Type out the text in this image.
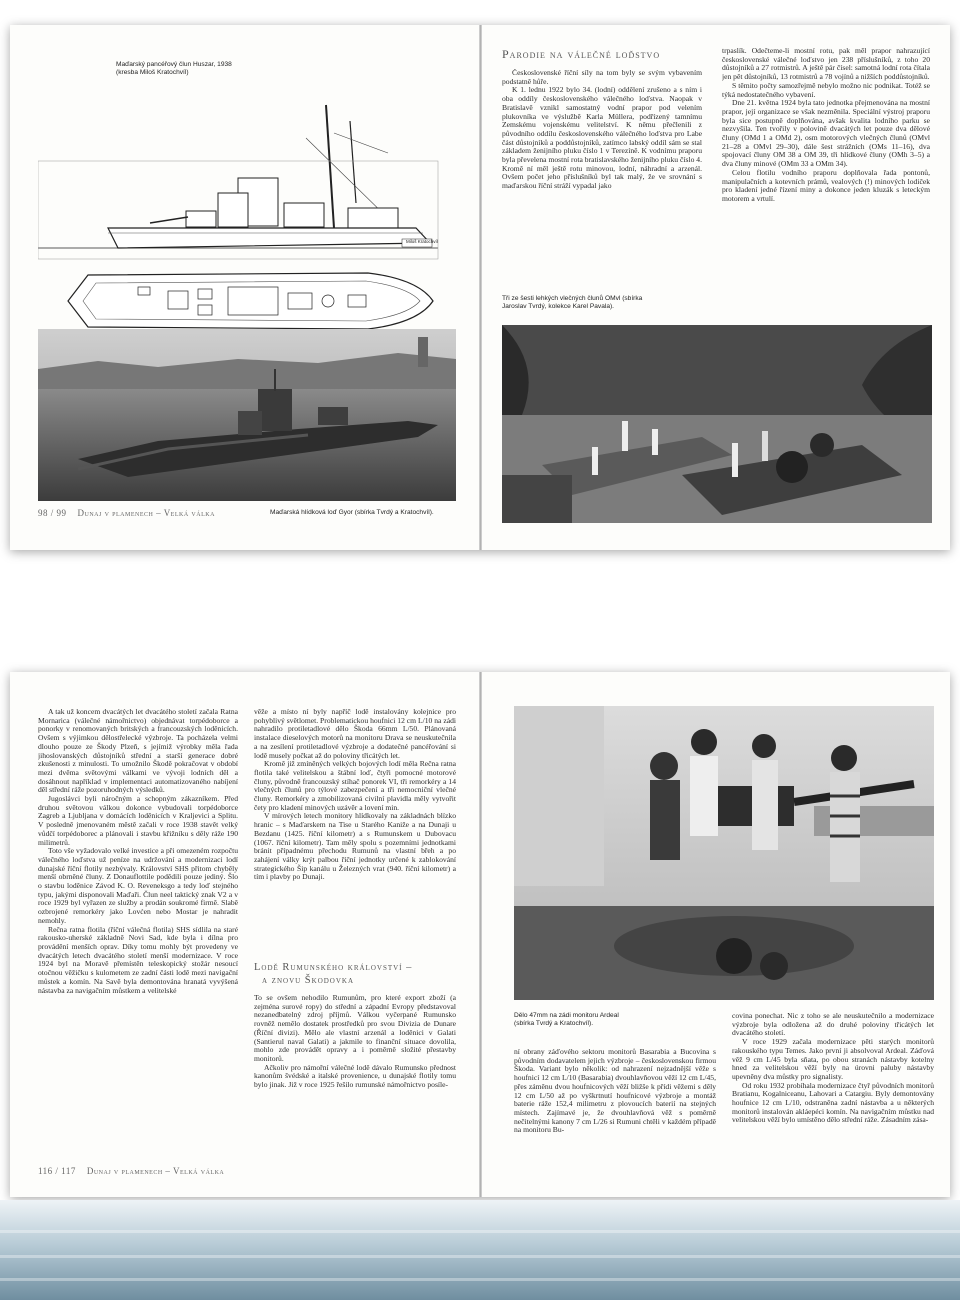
Maďarský pancéřový člun Huszar, 1938
(kresba Miloš Kratochvíl)
Miloš Kratochvíl
98 / 99 Dunaj v plamenech – Velká válka	Maďarská hlídková loď Gyor (sbírka Tvrdý a Kratochvíl).
Parodie na válečné loďstvo

Československé říční síly na tom byly se svým vybavením podstatně hůře.

K 1. lednu 1922 bylo 34. (lodní) oddělení zrušeno a s ním i oba oddíly československého válečného loďstva. Naopak v Bratislavě vznikl samostatný vodní prapor pod velením plukovníka ve výslužbě Karla Müllera, podřízený tamnímu Zemskému vojenskému velitelství. K němu přečlenili z původního oddílu československého válečného loďstva pro Labe část důstojníků a poddůstojníků, zatímco labský oddíl sám se stal základem ženijního pluku číslo 1 v Terezíně. K vodnímu praporu byla převelena mostní rota bratislavského ženijního pluku číslo 4. Kromě ní měl ještě rotu minovou, lodní, náhradní a arzenál. Ovšem počet jeho příslušníků byl tak malý, že ve srovnání s maďarskou říční stráží vypadal jako

trpaslík. Odečteme-li mostní rotu, pak měl prapor nahrazující československé válečné loďstvo jen 238 příslušníků, z toho 20 důstojníků a 27 rotmistrů. A ještě pár čísel: samotná lodní rota čítala jen pět důstojníků, 13 rotmistrů a 78 vojínů a nižších poddůstojníků.

S těmito počty samozřejmě nebylo možno nic podnikat. Totéž se týká nedostatečného vybavení.

Dne 21. května 1924 byla tato jednotka přejmenována na mostní prapor, její organizace se však nezměnila. Speciální výstroj praporu byla sice postupně doplňována, avšak kvalita lodního parku se nezvyšila. Ten tvořily v polovině dvacátých let pouze dva dělové čluny (OMd 1 a OMd 2), osm motorových vlečných člunů (OMvl 21–28 a OMvl 29–30), dále šest strážních (OMs 11–16), dva spojovací čluny OM 38 a OM 39, tři hlídkové čluny (OMh 3–5) a dva čluny minové (OMm 33 a OMm 34).

Celou flotilu vodního praporu doplňovala řada pontonů, manipulačních a kotevních prámů, vealových (!) minových lodiček pro kladení jedné řízení miny a dokonce jeden kluzák s leteckým motorem a vrtulí.

Tři ze šesti lehkých vlečných člunů OMvl (sbírka Jaroslav Tvrdý, kolekce Karel Pavala).

A tak už koncem dvacátých let dvacátého století začala Ratna Mornarica (válečné námořnictvo) objednávat torpédoborce a ponorky v renomovaných britských a francouzských loděnicích. Ovšem s výjimkou dělostřelecké výzbroje. Ta pocházela velmi dlouho pouze ze Škody Plzeň, s jejímiž výrobky měla řada jihoslovanských důstojníků střední a starší generace dobré zkušenosti z minulosti. To umožnilo Škodě pokračovat v období mezi dvěma světovými válkami ve vývoji lodních děl a dosáhnout například v implementaci automatizovaného nabíjení děl střední ráže pozoruhodných výsledků.

Jugoslávci byli náročným a schopným zákazníkem. Před druhou světovou válkou dokonce vybudovali torpédoborce Zagreb a Ljubljana v domácích loděnicích v Kraljevici a Splitu. V posledně jmenovaném městě začali v roce 1938 stavět velký vůdčí torpédoborec a plánovali i stavbu křižníku s děly ráže 190 milimetrů.

Toto vše vyžadovalo velké investice a při omezeném rozpočtu válečného loďstva už peníze na udržování a modernizaci lodí dunajské říční flotily nezbývaly. Království SHS přitom chyběly menší obrněné čluny. Z Donauflottile podědili pouze jediný. Šlo o stavbu loděnice Závod K. O. Reveneksgo a tedy loď stejného typu, jakými disponovali Maďaři. Člun neel taktický znak V2 a v roce 1929 byl vyřazen ze služby a prodán soukromé firmě. Slabě ozbrojené remorkéry jako Lovćen nebo Mostar je nahradit nemohly.

Rečna ratna flotila (říční válečná flotila) SHS sídlila na staré rakousko-uherské základně Novi Sad, kde byla i dílna pro provádění menších oprav. Díky tomu mohly být provedeny ve dvacátých letech dvacátého století menší modernizace. V roce 1924 byl na Moravě přemístěn teleskopický stožár nesoucí otočnou věžičku s kulometem ze zadní části lodě mezi navigační můstek a komín. Na Savě byla demontována hranatá vyvýšená nástavba za navigačním můstkem a velitelské

věže a místo ní byly napříč lodě instalovány kolejnice pro pohyblivý světlomet. Problematickou houfnici 12 cm L/10 na zádi nahradilo protiletadlové dělo Škoda 66mm L/50. Plánovaná instalace dieselových motorů na monitoru Drava se neuskutečnila a na zesílení protiletadlové výzbroje a dodatečné pancéřování si lodě musely počkat až do poloviny třicátých let.

Kromě již zmíněných velkých bojových lodí měla Rečna ratna flotila také velitelskou a štábní loď, čtyři pomocné motorové čluny, původně francouzský stíhač ponorek VI, tři remorkéry a 14 vlečných člunů pro týlové zabezpečení a tři nemocniční vlečné čluny. Remorkéry a zmobilizovaná civilní plavidla měly vytvořit čety pro kladení minových uzávěr a lovení min.

V mírových letech monitory hlídkovaly na základnách blízko hranic – s Maďarskem na Tise u Starého Kaniže a na Dunaji u Bezdanu (1425. říční kilometr) a s Rumunskem u Dubovacu (1067. říční kilometr). Tam měly spolu s pozemními jednotkami bránit případnému přechodu Rumunů na vlastní břeh a po zahájení války krýt palbou říční jednotky určené k zablokování strategického Šip kanálu u Železných vrat (940. říční kilometr) a tím i plavby po Dunaji.

Lodě Rumunského království –
a znovu Škodovka

To se ovšem nehodilo Rumunům, pro které export zboží (a zejména surové ropy) do střední a západní Evropy představoval nezanedbatelný zdroj příjmů. Válkou vyčerpané Rumunsko rovněž nemělo dostatek prostředků pro svou Divizia de Dunare (Říční divizi). Mělo ale vlastní arzenál a loděnici v Galati (Santierul naval Galati) a jakmile to finanční situace dovolila, mohlo zde provádět opravy a i poměrně složité přestavby monitorů.

Ačkoliv pro námořní válečné lodě dávalo Rumunsko přednost kanonům švédské a italské provenience, u dunajské flotily tomu bylo jinak. Již v roce 1925 řešilo rumunské námořnictvo posíle-

116 / 117 Dunaj v plamenech – Velká válka
Dělo 47mm na zádi monitoru Ardeal (sbírka Tvrdý a Kratochvíl).

ní obrany záďového sektoru monitorů Basarabia a Bucovina s původním dodavatelem jejich výzbroje – československou firmou Škoda. Variant bylo několik: od nahrazení nejzadnější věže s houfnicí 12 cm L/10 (Basarabia) dvouhlavňovou věží 12 cm L/45, přes záměnu dvou houfnicových věží bližše k přídi věžemi s děly 12 cm L/50 až po vyškrtnutí houfnicové výzbroje a montáž baterie ráže 152,4 milimetru z plovoucích baterií na stejných místech. Zajímavé je, že dvouhlavňová věž s poměrně nečitelnými kanony 7 cm L/26 si Rumuni chtěli v každém případě na monitoru Bu-

covina ponechat. Nic z toho se ale neuskutečnilo a modernizace výzbroje byla odložena až do druhé poloviny třicátých let dvacátého století.

V roce 1929 začala modernizace pěti starých monitorů rakouského typu Temes. Jako první ji absolvoval Ardeal. Záďová věž 9 cm L/45 byla sňata, po obou stranách nástavby kotelny hned za velitelskou věží byly na úrovni paluby nástavby upevněny dva můstky pro signalisty.

Od roku 1932 probíhala modernizace čtyř původních monitorů Bratianu, Kogalniceanu, Lahovari a Catargiu. Byly demontovány houfnice 12 cm L/10, odstraněna zadní nástavba a u některých monitorů instalován akláepéci komín. Na navigačním můstku nad velitelskou věží bylo umístěno dělo střední ráže. Zásadním zása-
